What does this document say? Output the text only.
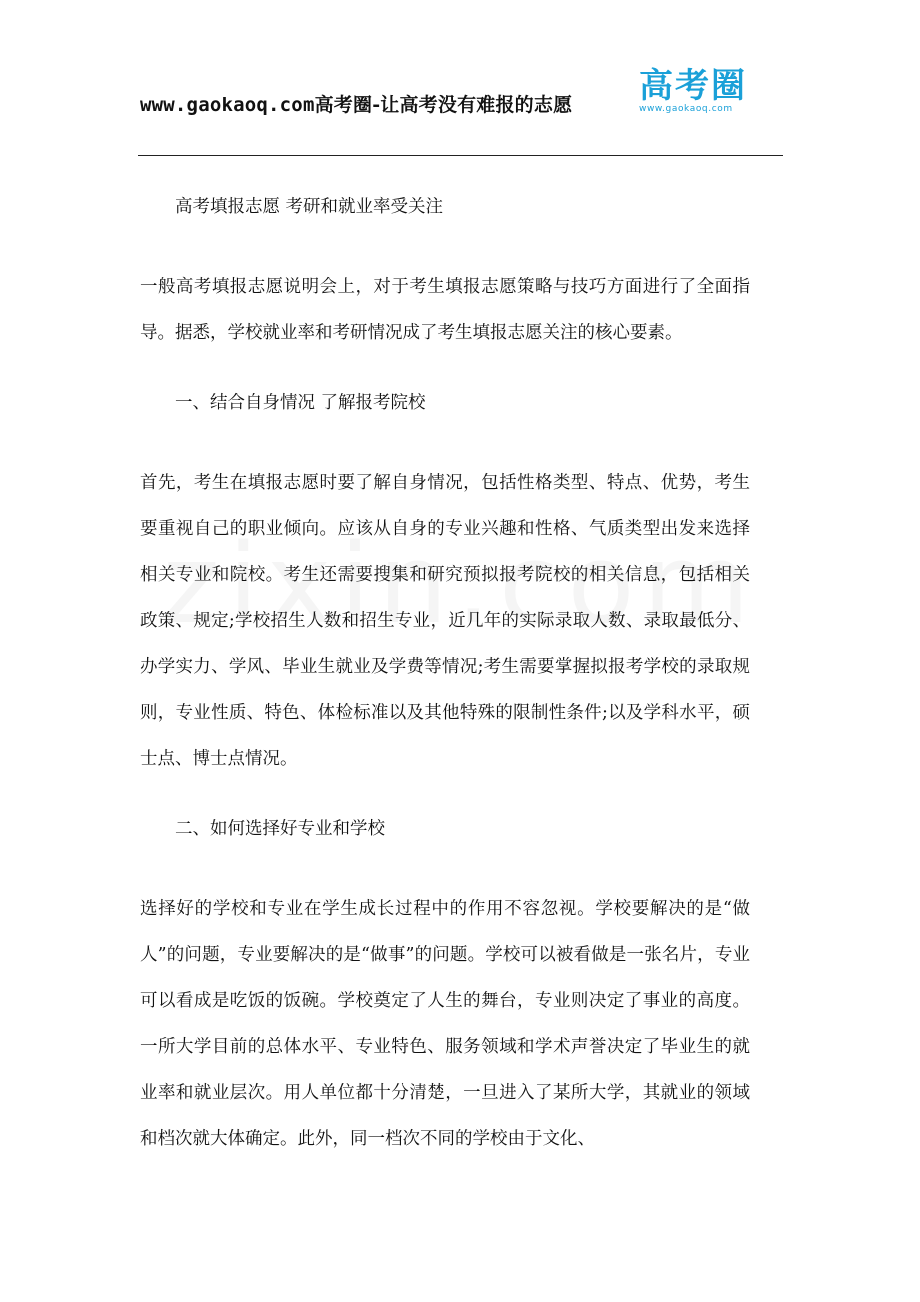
www.gaokaoq.com高考圈-让高考没有难报的志愿 高考圈
www.gaokaoq.com

高考填报志愿 考研和就业率受关注

一般高考填报志愿说明会上，对于考生填报志愿策略与技巧方面进行了全面指导。据悉，学校就业率和考研情况成了考生填报志愿关注的核心要素。

一、结合自身情况 了解报考院校

首先，考生在填报志愿时要了解自身情况，包括性格类型、特点、优势，考生要重视自己的职业倾向。应该从自身的专业兴趣和性格、气质类型出发来选择相关专业和院校。考生还需要搜集和研究预拟报考院校的相关信息，包括相关政策、规定;学校招生人数和招生专业，近几年的实际录取人数、录取最低分、办学实力、学风、毕业生就业及学费等情况;考生需要掌握拟报考学校的录取规则，专业性质、特色、体检标准以及其他特殊的限制性条件;以及学科水平，硕士点、博士点情况。

二、如何选择好专业和学校

选择好的学校和专业在学生成长过程中的作用不容忽视。学校要解决的是“做人”的问题，专业要解决的是“做事”的问题。学校可以被看做是一张名片，专业可以看成是吃饭的饭碗。学校奠定了人生的舞台，专业则决定了事业的高度。一所大学目前的总体水平、专业特色、服务领域和学术声誉决定了毕业生的就业率和就业层次。用人单位都十分清楚，一旦进入了某所大学，其就业的领域和档次就大体确定。此外，同一档次不同的学校由于文化、
